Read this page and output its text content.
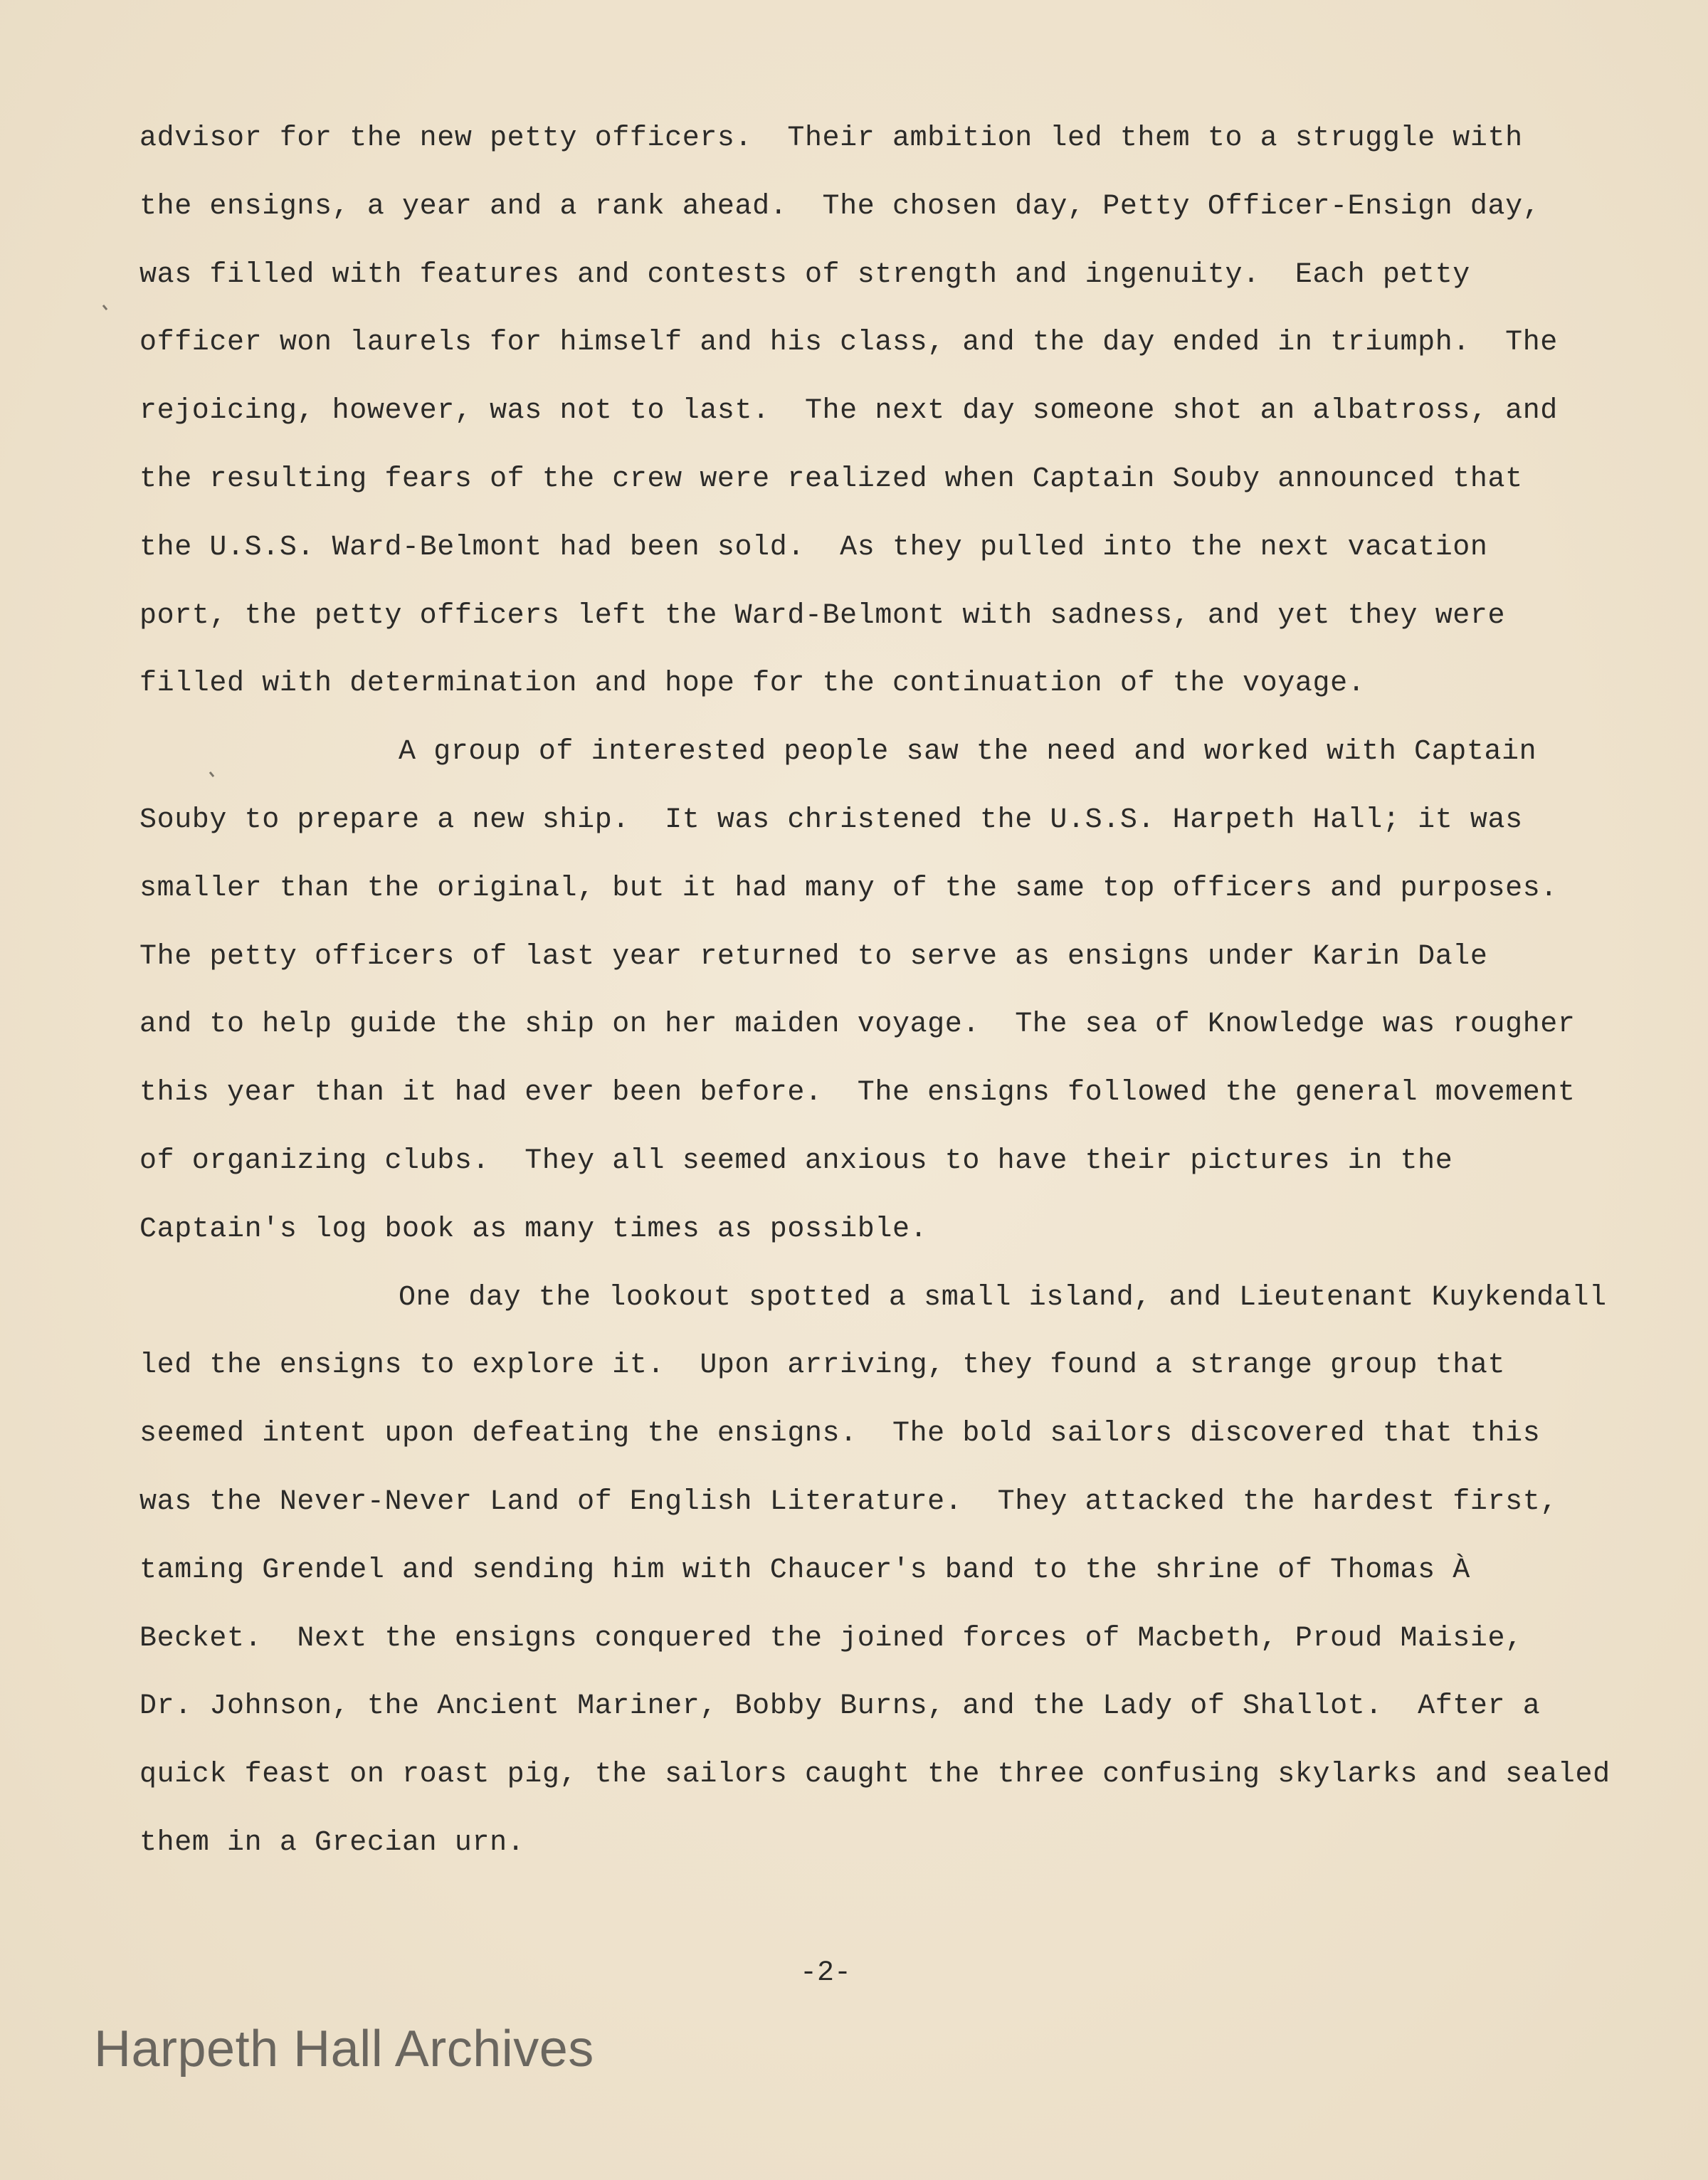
advisor for the new petty officers.  Their ambition led them to a struggle with
the ensigns, a year and a rank ahead.  The chosen day, Petty Officer-Ensign day,
was filled with features and contests of strength and ingenuity.  Each petty
officer won laurels for himself and his class, and the day ended in triumph.  The
rejoicing, however, was not to last.  The next day someone shot an albatross, and
the resulting fears of the crew were realized when Captain Souby announced that
the U.S.S. Ward-Belmont had been sold.  As they pulled into the next vacation
port, the petty officers left the Ward-Belmont with sadness, and yet they were
filled with determination and hope for the continuation of the voyage.
A group of interested people saw the need and worked with Captain
Souby to prepare a new ship.  It was christened the U.S.S. Harpeth Hall; it was
smaller than the original, but it had many of the same top officers and purposes.
The petty officers of last year returned to serve as ensigns under Karin Dale
and to help guide the ship on her maiden voyage.  The sea of Knowledge was rougher
this year than it had ever been before.  The ensigns followed the general movement
of organizing clubs.  They all seemed anxious to have their pictures in the
Captain's log book as many times as possible.
One day the lookout spotted a small island, and Lieutenant Kuykendall
led the ensigns to explore it.  Upon arriving, they found a strange group that
seemed intent upon defeating the ensigns.  The bold sailors discovered that this
was the Never-Never Land of English Literature.  They attacked the hardest first,
taming Grendel and sending him with Chaucer's band to the shrine of Thomas À
Becket.  Next the ensigns conquered the joined forces of Macbeth, Proud Maisie,
Dr. Johnson, the Ancient Mariner, Bobby Burns, and the Lady of Shallot.  After a
quick feast on roast pig, the sailors caught the three confusing skylarks and sealed
them in a Grecian urn.
-2-
Harpeth Hall Archives
